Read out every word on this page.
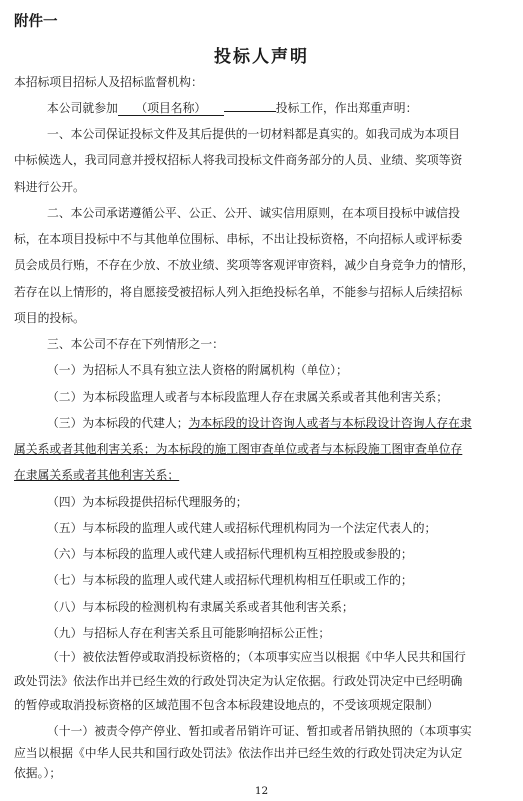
附件一
投标人声明
本招标项目招标人及招标监督机构：
本公司就参加 （项目名称）	投标工作，作出郑重声明：
一、本公司保证投标文件及其后提供的一切材料都是真实的。如我司成为本项目
中标候选人，我司同意并授权招标人将我司投标文件商务部分的人员、业绩、奖项等资
料进行公开。
二、本公司承诺遵循公平、公正、公开、诚实信用原则，在本项目投标中诚信投
标，在本项目投标中不与其他单位围标、串标，不出让投标资格，不向招标人或评标委
员会成员行贿，不存在少放、不放业绩、奖项等客观评审资料，减少自身竞争力的情形，
若存在以上情形的，将自愿接受被招标人列入拒绝投标名单，不能参与招标人后续招标
项目的投标。
三、本公司不存在下列情形之一：
（一）为招标人不具有独立法人资格的附属机构（单位）；
（二）为本标段监理人或者与本标段监理人存在隶属关系或者其他利害关系；
（三）为本标段的代建人；为本标段的设计咨询人或者与本标段设计咨询人存在隶
属关系或者其他利害关系；为本标段的施工图审查单位或者与本标段施工图审查单位存
在隶属关系或者其他利害关系；
（四）为本标段提供招标代理服务的；
（五）与本标段的监理人或代建人或招标代理机构同为一个法定代表人的；
（六）与本标段的监理人或代建人或招标代理机构互相控股或参股的；
（七）与本标段的监理人或代建人或招标代理机构相互任职或工作的；
（八）与本标段的检测机构有隶属关系或者其他利害关系；
（九）与招标人存在利害关系且可能影响招标公正性；
（十）被依法暂停或取消投标资格的；（本项事实应当以根据《中华人民共和国行
政处罚法》依法作出并已经生效的行政处罚决定为认定依据。行政处罚决定中已经明确
的暂停或取消投标资格的区域范围不包含本标段建设地点的，不受该项规定限制）
（十一）被责令停产停业、暂扣或者吊销许可证、暂扣或者吊销执照的（本项事实
应当以根据《中华人民共和国行政处罚法》依法作出并已经生效的行政处罚决定为认定
12
依据。）；
